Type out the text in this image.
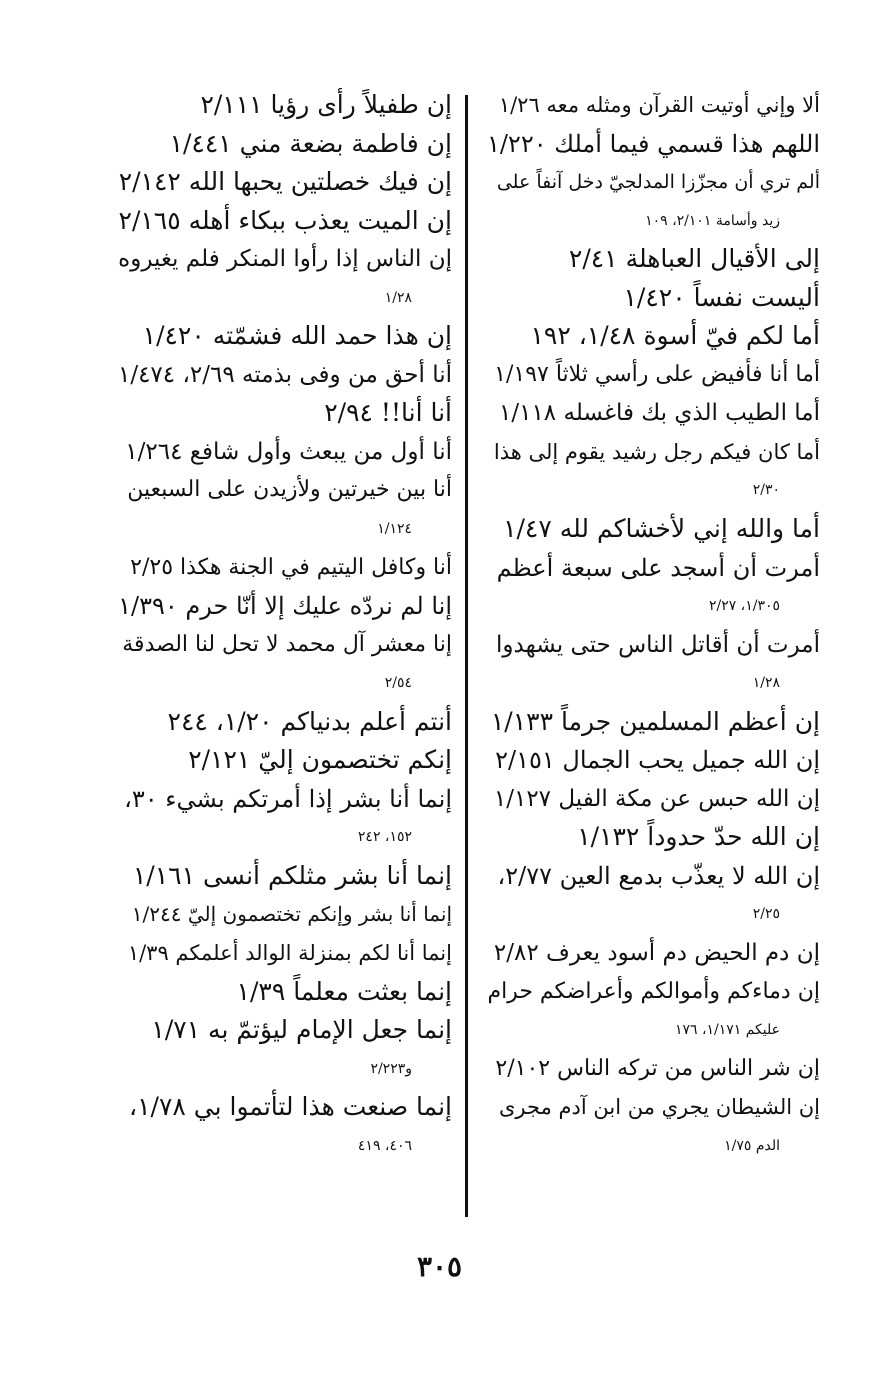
ألا وإني أوتيت القرآن ومثله معه ١/٢٦

اللهم هذا قسمي فيما أملك ١/٢٢٠

ألم تري أن مجزّزا المدلجيّ دخل آنفاً على
زيد وأسامة ٢/١٠١، ١٠٩

إلى الأقيال العباهلة ٢/٤١

أليست نفساً ١/٤٢٠

أما لكم فيّ أسوة ١/٤٨، ١٩٢

أما أنا فأفيض على رأسي ثلاثاً ١/١٩٧

أما الطيب الذي بك فاغسله ١/١١٨

أما كان فيكم رجل رشيد يقوم إلى هذا
٢/٣٠

أما والله إني لأخشاكم لله ١/٤٧

أمرت أن أسجد على سبعة أعظم
١/٣٠٥، ٢/٢٧

أمرت أن أقاتل الناس حتى يشهدوا
١/٢٨

إن أعظم المسلمين جرماً ١/١٣٣

إن الله جميل يحب الجمال ٢/١٥١

إن الله حبس عن مكة الفيل ١/١٢٧

إن الله حدّ حدوداً ١/١٣٢

إن الله لا يعذّب بدمع العين ٢/٧٧،
٢/٢٥

إن دم الحيض دم أسود يعرف ٢/٨٢

إن دماءكم وأموالكم وأعراضكم حرام
عليكم ١/١٧١، ١٧٦

إن شر الناس من تركه الناس ٢/١٠٢

إن الشيطان يجري من ابن آدم مجرى
الدم ١/٧٥

إن طفيلاً رأى رؤيا ٢/١١١

إن فاطمة بضعة مني ١/٤٤١

إن فيك خصلتين يحبها الله ٢/١٤٢

إن الميت يعذب ببكاء أهله ٢/١٦٥

إن الناس إذا رأوا المنكر فلم يغيروه
١/٢٨

إن هذا حمد الله فشمّته ١/٤٢٠

أنا أحق من وفى بذمته ٢/٦٩، ١/٤٧٤

أنا أنا!! ٢/٩٤

أنا أول من يبعث وأول شافع ١/٢٦٤

أنا بين خيرتين ولأزيدن على السبعين
١/١٢٤

أنا وكافل اليتيم في الجنة هكذا ٢/٢٥

إنا لم نردّه عليك إلا أنّا حرم ١/٣٩٠

إنا معشر آل محمد لا تحل لنا الصدقة
٢/٥٤

أنتم أعلم بدنياكم ١/٢٠، ٢٤٤

إنكم تختصمون إليّ ٢/١٢١

إنما أنا بشر إذا أمرتكم بشيء ٣٠،
١٥٢، ٢٤٢

إنما أنا بشر مثلكم أنسى ١/١٦١

إنما أنا بشر وإنكم تختصمون إليّ ١/٢٤٤

إنما أنا لكم بمنزلة الوالد أعلمكم ١/٣٩

إنما بعثت معلماً ١/٣٩

إنما جعل الإمام ليؤتمّ به ١/٧١
و٢/٢٢٣

إنما صنعت هذا لتأتموا بي ١/٧٨،
٤٠٦، ٤١٩

٣٠٥
